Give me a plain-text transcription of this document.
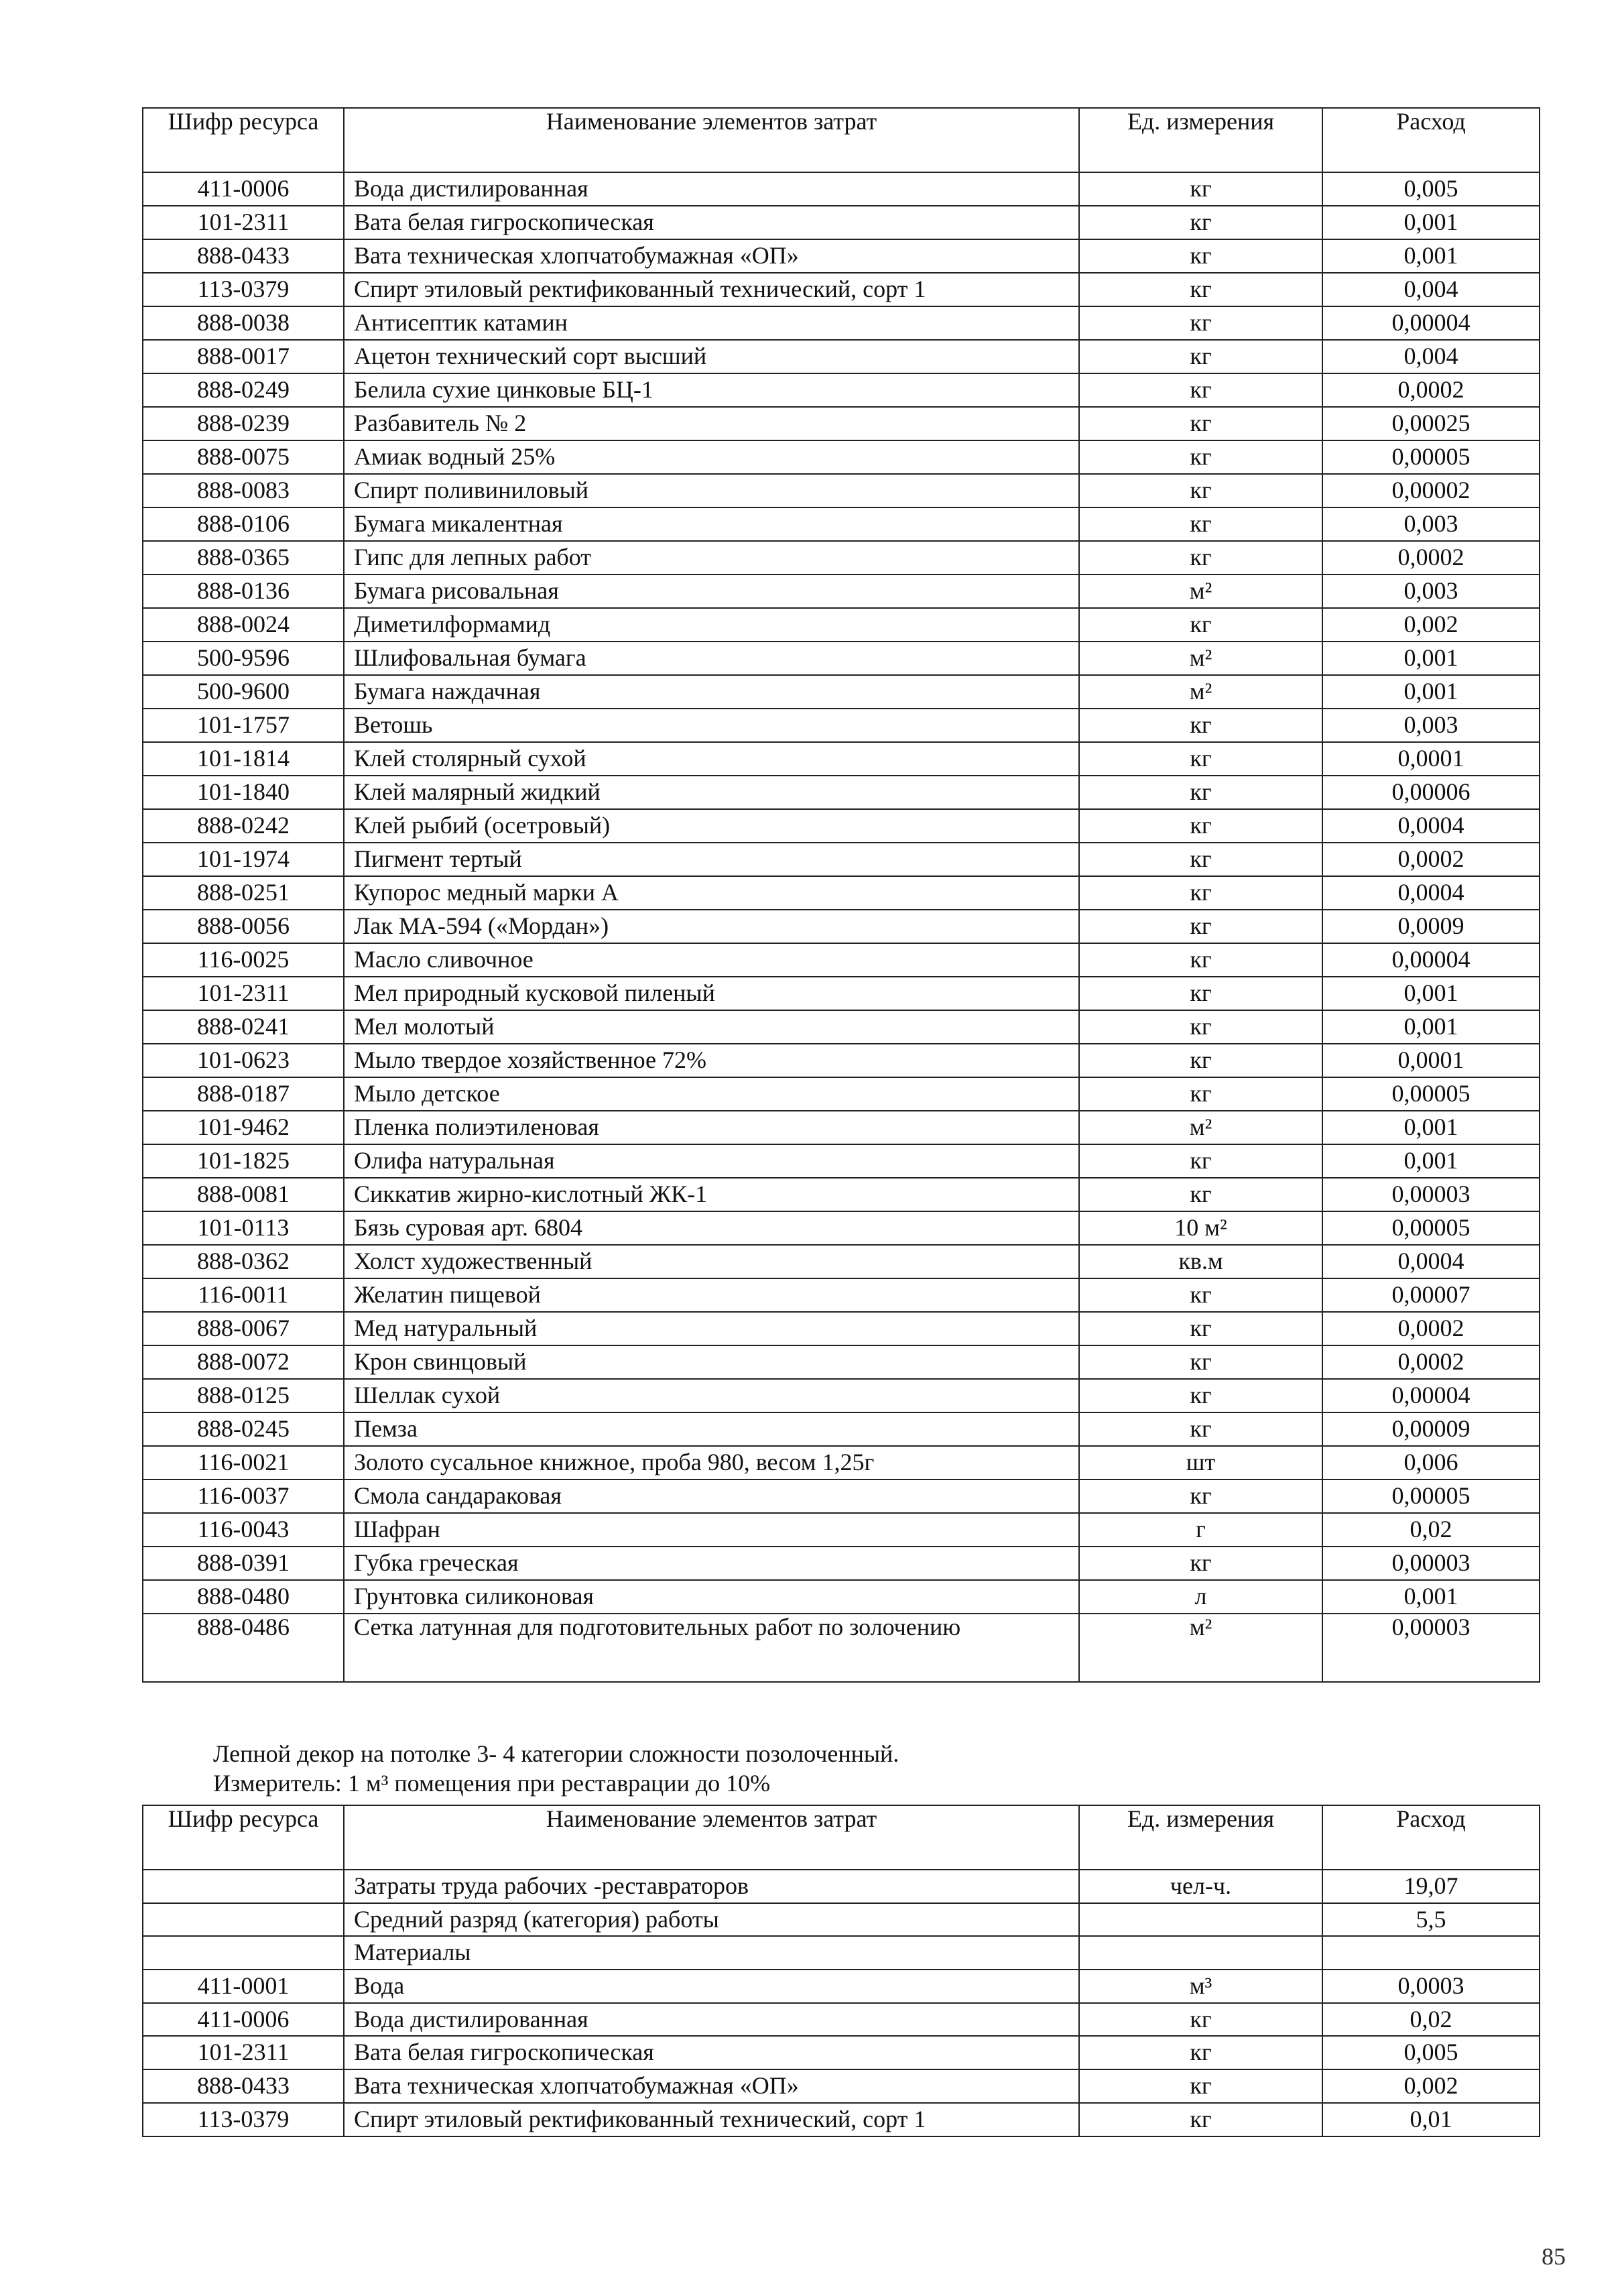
Шифр ресурса	Наименование элементов затрат	Ед. измерения	Расход
411-0006	Вода дистилированная	кг	0,005
101-2311	Вата белая гигроскопическая	кг	0,001
888-0433	Вата техническая хлопчатобумажная «ОП»	кг	0,001
113-0379	Спирт этиловый ректификованный технический, сорт 1	кг	0,004
888-0038	Антисептик катамин	кг	0,00004
888-0017	Ацетон технический сорт высший	кг	0,004
888-0249	Белила сухие цинковые БЦ-1	кг	0,0002
888-0239	Разбавитель № 2	кг	0,00025
888-0075	Амиак водный 25%	кг	0,00005
888-0083	Спирт поливиниловый	кг	0,00002
888-0106	Бумага микалентная	кг	0,003
888-0365	Гипс для лепных работ	кг	0,0002
888-0136	Бумага рисовальная	м²	0,003
888-0024	Диметилформамид	кг	0,002
500-9596	Шлифовальная бумага	м²	0,001
500-9600	Бумага наждачная	м²	0,001
101-1757	Ветошь	кг	0,003
101-1814	Клей столярный сухой	кг	0,0001
101-1840	Клей малярный жидкий	кг	0,00006
888-0242	Клей рыбий (осетровый)	кг	0,0004
101-1974	Пигмент тертый	кг	0,0002
888-0251	Купорос медный марки А	кг	0,0004
888-0056	Лак МА-594 («Мордан»)	кг	0,0009
116-0025	Масло сливочное	кг	0,00004
101-2311	Мел природный кусковой пиленый	кг	0,001
888-0241	Мел молотый	кг	0,001
101-0623	Мыло твердое хозяйственное 72%	кг	0,0001
888-0187	Мыло детское	кг	0,00005
101-9462	Пленка полиэтиленовая	м²	0,001
101-1825	Олифа натуральная	кг	0,001
888-0081	Сиккатив жирно-кислотный ЖК-1	кг	0,00003
101-0113	Бязь суровая арт. 6804	10 м²	0,00005
888-0362	Холст художественный	кв.м	0,0004
116-0011	Желатин пищевой	кг	0,00007
888-0067	Мед натуральный	кг	0,0002
888-0072	Крон свинцовый	кг	0,0002
888-0125	Шеллак сухой	кг	0,00004
888-0245	Пемза	кг	0,00009
116-0021	Золото сусальное книжное, проба 980, весом 1,25г	шт	0,006
116-0037	Смола сандараковая	кг	0,00005
116-0043	Шафран	г	0,02
888-0391	Губка греческая	кг	0,00003
888-0480	Грунтовка силиконовая	л	0,001
888-0486	Сетка латунная для подготовительных работ по золочению	м²	0,00003
Лепной декор на потолке 3- 4 категории сложности позолоченный.
Измеритель: 1 м³ помещения при реставрации до 10%
Шифр ресурса	Наименование элементов затрат	Ед. измерения	Расход
	Затраты труда рабочих -реставраторов	чел-ч.	19,07
	Средний разряд (категория) работы		5,5
	Материалы		
411-0001	Вода	м³	0,0003
411-0006	Вода дистилированная	кг	0,02
101-2311	Вата белая гигроскопическая	кг	0,005
888-0433	Вата техническая хлопчатобумажная «ОП»	кг	0,002
113-0379	Спирт этиловый ректификованный технический, сорт 1	кг	0,01
85
